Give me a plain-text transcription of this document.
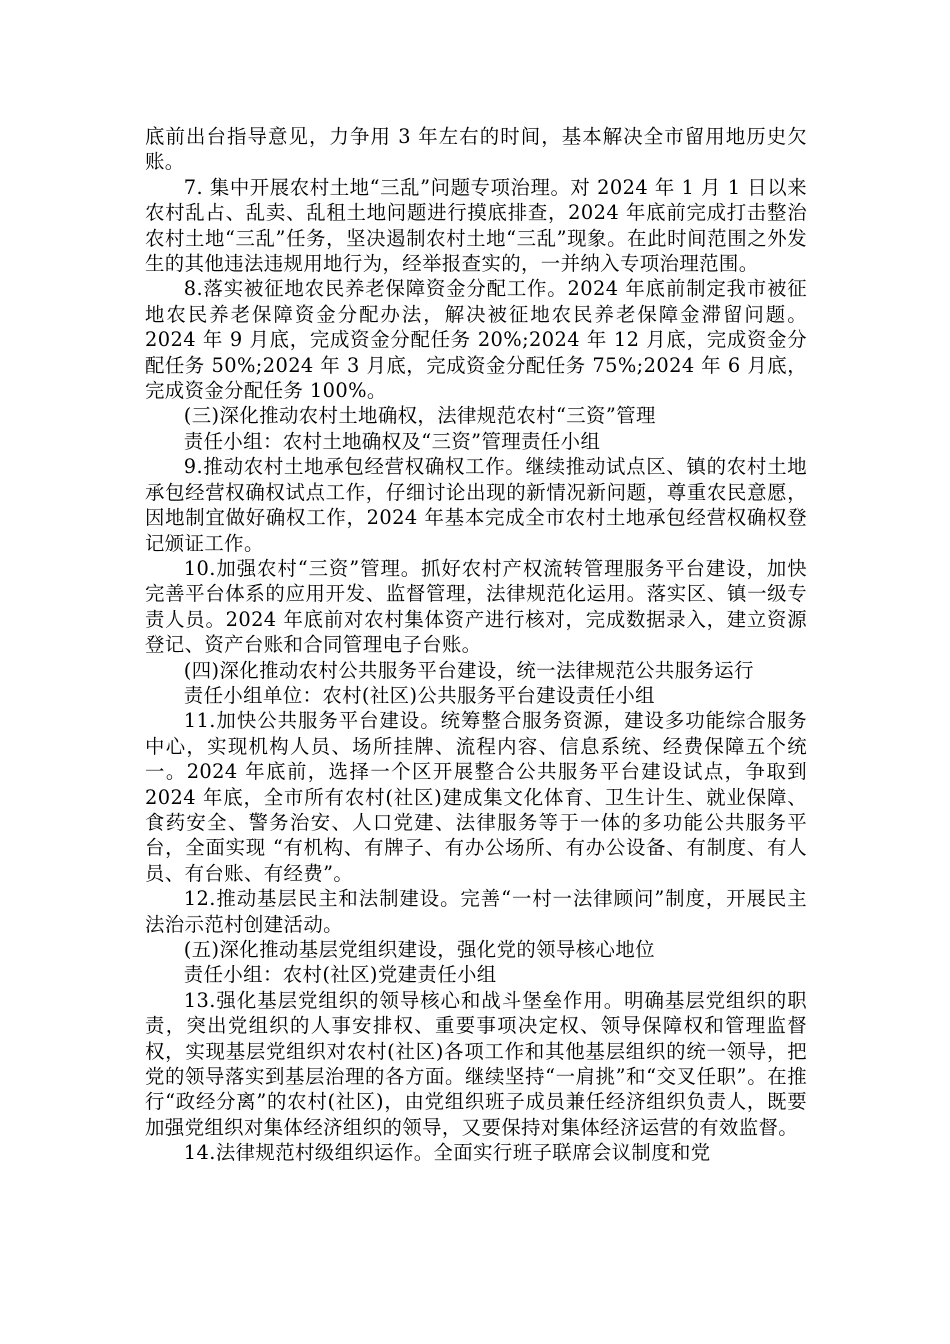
底前出台指导意见，力争用 3 年左右的时间，基本解决全市留用地历史欠账。

7. 集中开展农村土地“三乱”问题专项治理。对 2024 年 1 月 1 日以来农村乱占、乱卖、乱租土地问题进行摸底排查，2024 年底前完成打击整治农村土地“三乱”任务，坚决遏制农村土地“三乱”现象。在此时间范围之外发生的其他违法违规用地行为，经举报查实的，一并纳入专项治理范围。

8.落实被征地农民养老保障资金分配工作。2024 年底前制定我市被征地农民养老保障资金分配办法，解决被征地农民养老保障金滞留问题。2024 年 9 月底，完成资金分配任务 20%;2024 年 12 月底，完成资金分配任务 50%;2024 年 3 月底，完成资金分配任务 75%;2024 年 6 月底，完成资金分配任务 100%。

(三)深化推动农村土地确权，法律规范农村“三资”管理

责任小组：农村土地确权及“三资”管理责任小组

9.推动农村土地承包经营权确权工作。继续推动试点区、镇的农村土地承包经营权确权试点工作，仔细讨论出现的新情况新问题，尊重农民意愿，因地制宜做好确权工作，2024 年基本完成全市农村土地承包经营权确权登记颁证工作。

10.加强农村“三资”管理。抓好农村产权流转管理服务平台建设，加快完善平台体系的应用开发、监督管理，法律规范化运用。落实区、镇一级专责人员。2024 年底前对农村集体资产进行核对，完成数据录入，建立资源登记、资产台账和合同管理电子台账。

(四)深化推动农村公共服务平台建设，统一法律规范公共服务运行

责任小组单位：农村(社区)公共服务平台建设责任小组

11.加快公共服务平台建设。统筹整合服务资源，建设多功能综合服务中心，实现机构人员、场所挂牌、流程内容、信息系统、经费保障五个统一。2024 年底前，选择一个区开展整合公共服务平台建设试点，争取到 2024 年底，全市所有农村(社区)建成集文化体育、卫生计生、就业保障、食药安全、警务治安、人口党建、法律服务等于一体的多功能公共服务平台，全面实现 “有机构、有牌子、有办公场所、有办公设备、有制度、有人员、有台账、有经费”。

12.推动基层民主和法制建设。完善“一村一法律顾问”制度，开展民主法治示范村创建活动。

(五)深化推动基层党组织建设，强化党的领导核心地位

责任小组：农村(社区)党建责任小组

13.强化基层党组织的领导核心和战斗堡垒作用。明确基层党组织的职责，突出党组织的人事安排权、重要事项决定权、领导保障权和管理监督权，实现基层党组织对农村(社区)各项工作和其他基层组织的统一领导，把党的领导落实到基层治理的各方面。继续坚持“一肩挑”和“交叉任职”。在推行“政经分离”的农村(社区)，由党组织班子成员兼任经济组织负责人，既要加强党组织对集体经济组织的领导，又要保持对集体经济运营的有效监督。

14.法律规范村级组织运作。全面实行班子联席会议制度和党
